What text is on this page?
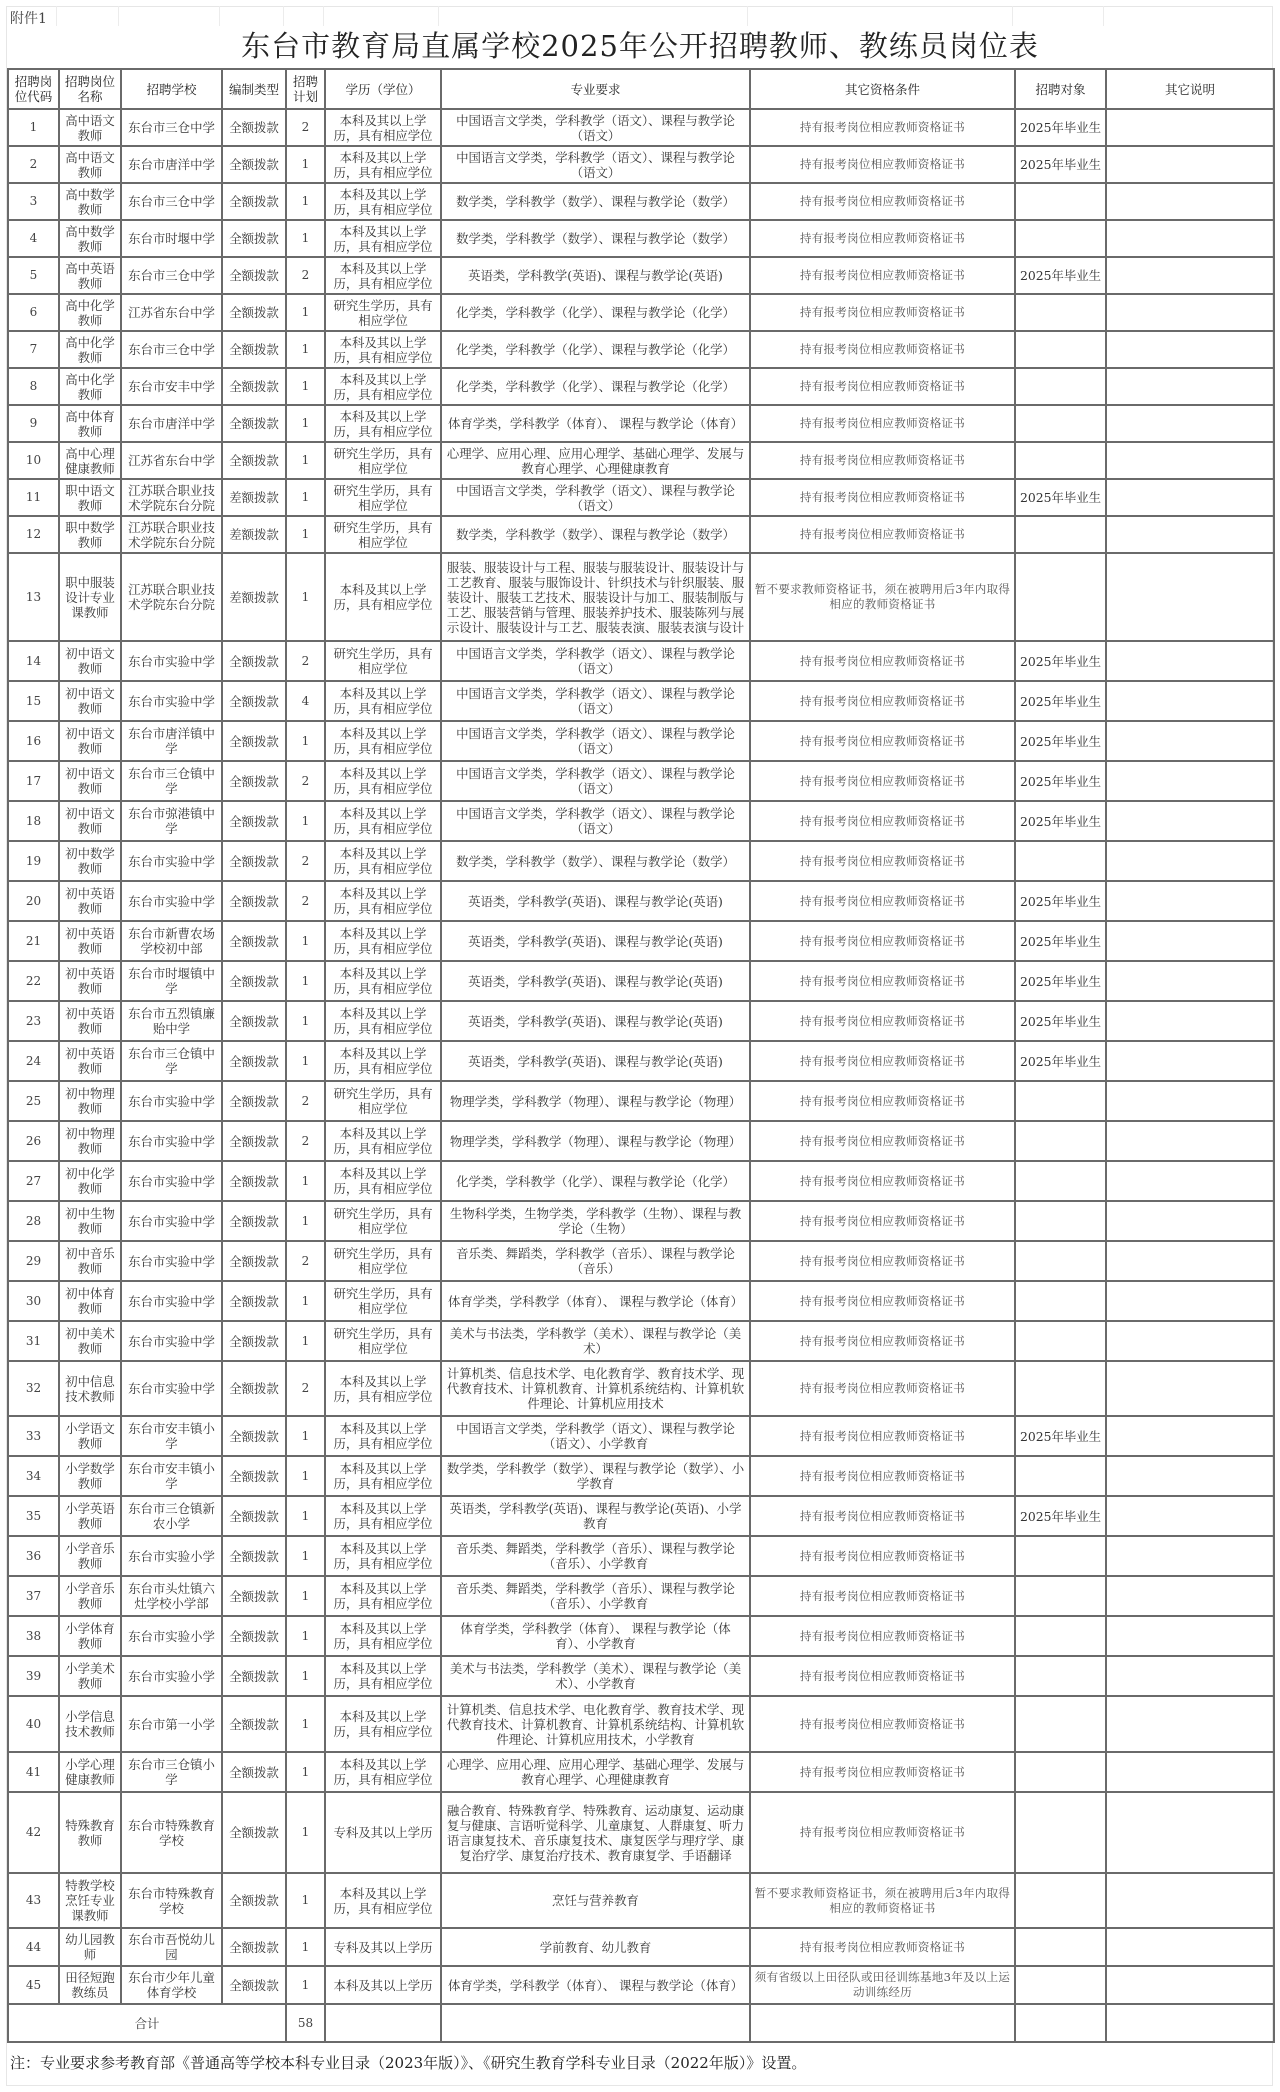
附件1
东台市教育局直属学校2025年公开招聘教师、教练员岗位表
招聘岗位代码	招聘岗位名称	招聘学校	编制类型	招聘计划	学历（学位）	专业要求	其它资格条件	招聘对象	其它说明
1	高中语文教师	东台市三仓中学	全额拨款	2	本科及其以上学历，具有相应学位	中国语言文学类，学科教学（语文）、课程与教学论（语文）	持有报考岗位相应教师资格证书	2025年毕业生	
2	高中语文教师	东台市唐洋中学	全额拨款	1	本科及其以上学历，具有相应学位	中国语言文学类，学科教学（语文）、课程与教学论（语文）	持有报考岗位相应教师资格证书	2025年毕业生	
3	高中数学教师	东台市三仓中学	全额拨款	1	本科及其以上学历，具有相应学位	数学类，学科教学（数学）、课程与教学论（数学）	持有报考岗位相应教师资格证书		
4	高中数学教师	东台市时堰中学	全额拨款	1	本科及其以上学历，具有相应学位	数学类，学科教学（数学）、课程与教学论（数学）	持有报考岗位相应教师资格证书		
5	高中英语教师	东台市三仓中学	全额拨款	2	本科及其以上学历，具有相应学位	英语类，学科教学(英语)、课程与教学论(英语)	持有报考岗位相应教师资格证书	2025年毕业生	
6	高中化学教师	江苏省东台中学	全额拨款	1	研究生学历，具有相应学位	化学类，学科教学（化学）、课程与教学论（化学）	持有报考岗位相应教师资格证书		
7	高中化学教师	东台市三仓中学	全额拨款	1	本科及其以上学历，具有相应学位	化学类，学科教学（化学）、课程与教学论（化学）	持有报考岗位相应教师资格证书		
8	高中化学教师	东台市安丰中学	全额拨款	1	本科及其以上学历，具有相应学位	化学类，学科教学（化学）、课程与教学论（化学）	持有报考岗位相应教师资格证书		
9	高中体育教师	东台市唐洋中学	全额拨款	1	本科及其以上学历，具有相应学位	体育学类，学科教学（体育）、 课程与教学论（体育）	持有报考岗位相应教师资格证书		
10	高中心理健康教师	江苏省东台中学	全额拨款	1	研究生学历，具有相应学位	心理学、应用心理、应用心理学、基础心理学、发展与教育心理学、心理健康教育	持有报考岗位相应教师资格证书		
11	职中语文教师	江苏联合职业技术学院东台分院	差额拨款	1	研究生学历，具有相应学位	中国语言文学类，学科教学（语文）、课程与教学论（语文）	持有报考岗位相应教师资格证书	2025年毕业生	
12	职中数学教师	江苏联合职业技术学院东台分院	差额拨款	1	研究生学历，具有相应学位	数学类，学科教学（数学）、课程与教学论（数学）	持有报考岗位相应教师资格证书		
13	职中服装设计专业课教师	江苏联合职业技术学院东台分院	差额拨款	1	本科及其以上学历，具有相应学位	服装、服装设计与工程、服装与服装设计、服装设计与工艺教育、服装与服饰设计、针织技术与针织服装、服装设计、服装工艺技术、服装设计与加工、服装制版与工艺、服装营销与管理、服装养护技术、服装陈列与展示设计、服装设计与工艺、服装表演、服装表演与设计	暂不要求教师资格证书，须在被聘用后3年内取得相应的教师资格证书		
14	初中语文教师	东台市实验中学	全额拨款	2	研究生学历，具有相应学位	中国语言文学类，学科教学（语文）、课程与教学论（语文）	持有报考岗位相应教师资格证书	2025年毕业生	
15	初中语文教师	东台市实验中学	全额拨款	4	本科及其以上学历，具有相应学位	中国语言文学类，学科教学（语文）、课程与教学论（语文）	持有报考岗位相应教师资格证书	2025年毕业生	
16	初中语文教师	东台市唐洋镇中学	全额拨款	1	本科及其以上学历，具有相应学位	中国语言文学类，学科教学（语文）、课程与教学论（语文）	持有报考岗位相应教师资格证书	2025年毕业生	
17	初中语文教师	东台市三仓镇中学	全额拨款	2	本科及其以上学历，具有相应学位	中国语言文学类，学科教学（语文）、课程与教学论（语文）	持有报考岗位相应教师资格证书	2025年毕业生	
18	初中语文教师	东台市弶港镇中学	全额拨款	1	本科及其以上学历，具有相应学位	中国语言文学类，学科教学（语文）、课程与教学论（语文）	持有报考岗位相应教师资格证书	2025年毕业生	
19	初中数学教师	东台市实验中学	全额拨款	2	本科及其以上学历，具有相应学位	数学类，学科教学（数学）、课程与教学论（数学）	持有报考岗位相应教师资格证书		
20	初中英语教师	东台市实验中学	全额拨款	2	本科及其以上学历，具有相应学位	英语类，学科教学(英语)、课程与教学论(英语)	持有报考岗位相应教师资格证书	2025年毕业生	
21	初中英语教师	东台市新曹农场学校初中部	全额拨款	1	本科及其以上学历，具有相应学位	英语类，学科教学(英语)、课程与教学论(英语)	持有报考岗位相应教师资格证书	2025年毕业生	
22	初中英语教师	东台市时堰镇中学	全额拨款	1	本科及其以上学历，具有相应学位	英语类，学科教学(英语)、课程与教学论(英语)	持有报考岗位相应教师资格证书	2025年毕业生	
23	初中英语教师	东台市五烈镇廉贻中学	全额拨款	1	本科及其以上学历，具有相应学位	英语类，学科教学(英语)、课程与教学论(英语)	持有报考岗位相应教师资格证书	2025年毕业生	
24	初中英语教师	东台市三仓镇中学	全额拨款	1	本科及其以上学历，具有相应学位	英语类，学科教学(英语)、课程与教学论(英语)	持有报考岗位相应教师资格证书	2025年毕业生	
25	初中物理教师	东台市实验中学	全额拨款	2	研究生学历，具有相应学位	物理学类，学科教学（物理）、课程与教学论（物理）	持有报考岗位相应教师资格证书		
26	初中物理教师	东台市实验中学	全额拨款	2	本科及其以上学历，具有相应学位	物理学类，学科教学（物理）、课程与教学论（物理）	持有报考岗位相应教师资格证书		
27	初中化学教师	东台市实验中学	全额拨款	1	本科及其以上学历，具有相应学位	化学类，学科教学（化学）、课程与教学论（化学）	持有报考岗位相应教师资格证书		
28	初中生物教师	东台市实验中学	全额拨款	1	研究生学历，具有相应学位	生物科学类，生物学类，学科教学（生物）、课程与教学论（生物）	持有报考岗位相应教师资格证书		
29	初中音乐教师	东台市实验中学	全额拨款	2	研究生学历，具有相应学位	音乐类、舞蹈类，学科教学（音乐）、课程与教学论（音乐）	持有报考岗位相应教师资格证书		
30	初中体育教师	东台市实验中学	全额拨款	1	研究生学历，具有相应学位	体育学类，学科教学（体育）、 课程与教学论（体育）	持有报考岗位相应教师资格证书		
31	初中美术教师	东台市实验中学	全额拨款	1	研究生学历，具有相应学位	美术与书法类，学科教学（美术）、课程与教学论（美术）	持有报考岗位相应教师资格证书		
32	初中信息技术教师	东台市实验中学	全额拨款	2	本科及其以上学历，具有相应学位	计算机类、信息技术学、电化教育学、教育技术学、现代教育技术、计算机教育、计算机系统结构、计算机软件理论、计算机应用技术	持有报考岗位相应教师资格证书		
33	小学语文教师	东台市安丰镇小学	全额拨款	1	本科及其以上学历，具有相应学位	中国语言文学类，学科教学（语文）、课程与教学论（语文）、小学教育	持有报考岗位相应教师资格证书	2025年毕业生	
34	小学数学教师	东台市安丰镇小学	全额拨款	1	本科及其以上学历，具有相应学位	数学类，学科教学（数学）、课程与教学论（数学）、小学教育	持有报考岗位相应教师资格证书		
35	小学英语教师	东台市三仓镇新农小学	全额拨款	1	本科及其以上学历，具有相应学位	英语类，学科教学(英语)、课程与教学论(英语)、小学教育	持有报考岗位相应教师资格证书	2025年毕业生	
36	小学音乐教师	东台市实验小学	全额拨款	1	本科及其以上学历，具有相应学位	音乐类、舞蹈类，学科教学（音乐）、课程与教学论（音乐）、小学教育	持有报考岗位相应教师资格证书		
37	小学音乐教师	东台市头灶镇六灶学校小学部	全额拨款	1	本科及其以上学历，具有相应学位	音乐类、舞蹈类，学科教学（音乐）、课程与教学论（音乐）、小学教育	持有报考岗位相应教师资格证书		
38	小学体育教师	东台市实验小学	全额拨款	1	本科及其以上学历，具有相应学位	体育学类，学科教学（体育）、 课程与教学论（体育）、小学教育	持有报考岗位相应教师资格证书		
39	小学美术教师	东台市实验小学	全额拨款	1	本科及其以上学历，具有相应学位	美术与书法类，学科教学（美术）、课程与教学论（美术）、小学教育	持有报考岗位相应教师资格证书		
40	小学信息技术教师	东台市第一小学	全额拨款	1	本科及其以上学历，具有相应学位	计算机类、信息技术学、电化教育学、教育技术学、现代教育技术、计算机教育、计算机系统结构、计算机软件理论、计算机应用技术，小学教育	持有报考岗位相应教师资格证书		
41	小学心理健康教师	东台市三仓镇小学	全额拨款	1	本科及其以上学历，具有相应学位	心理学、应用心理、应用心理学、基础心理学、发展与教育心理学、心理健康教育	持有报考岗位相应教师资格证书		
42	特殊教育教师	东台市特殊教育学校	全额拨款	1	专科及其以上学历	融合教育、特殊教育学、特殊教育、运动康复、运动康复与健康、言语听觉科学、儿童康复、人群康复、听力语言康复技术、音乐康复技术、康复医学与理疗学、康复治疗学、康复治疗技术、教育康复学、手语翻译	持有报考岗位相应教师资格证书		
43	特教学校烹饪专业课教师	东台市特殊教育学校	全额拨款	1	本科及其以上学历，具有相应学位	烹饪与营养教育	暂不要求教师资格证书，须在被聘用后3年内取得相应的教师资格证书		
44	幼儿园教师	东台市吾悦幼儿园	全额拨款	1	专科及其以上学历	学前教育、幼儿教育	持有报考岗位相应教师资格证书		
45	田径短跑教练员	东台市少年儿童体育学校	全额拨款	1	本科及其以上学历	体育学类，学科教学（体育）、 课程与教学论（体育）	须有省级以上田径队或田径训练基地3年及以上运动训练经历		
合计				58					
注：专业要求参考教育部《普通高等学校本科专业目录（2023年版）》、《研究生教育学科专业目录（2022年版）》设置。
